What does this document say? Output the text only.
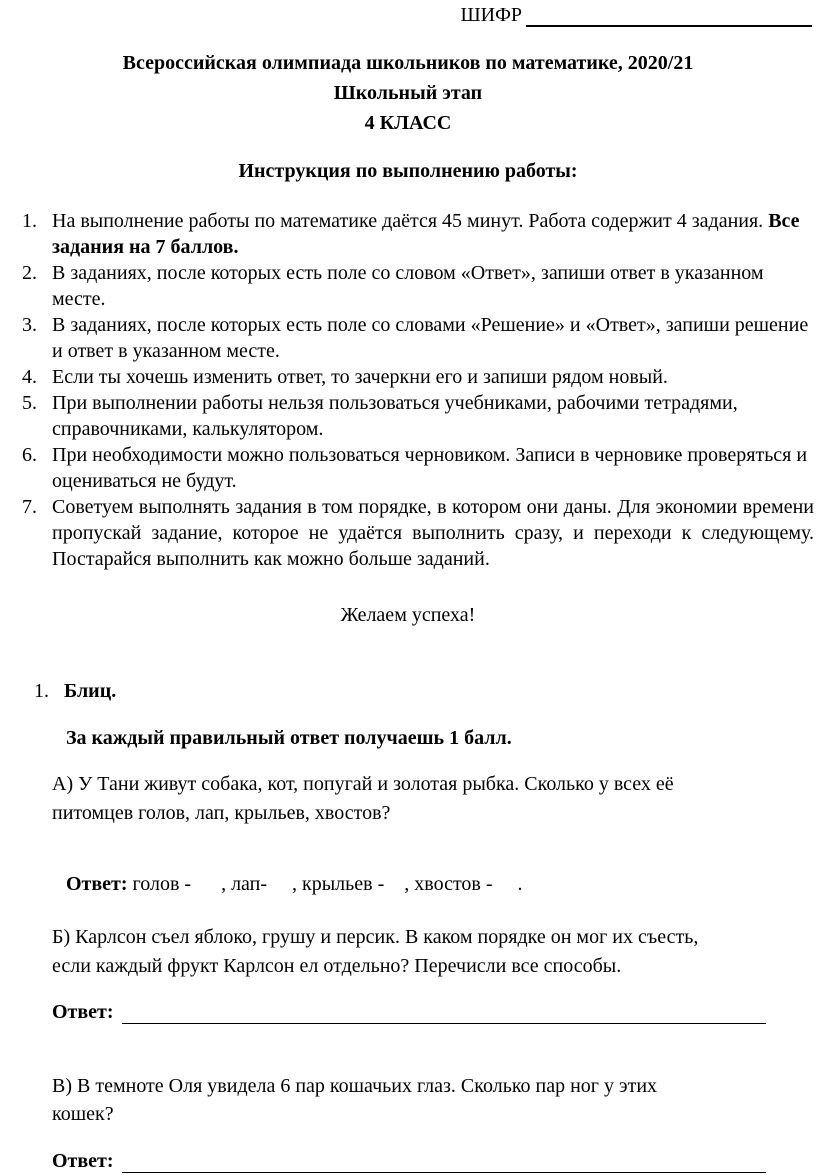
ШИФР
Всероссийская олимпиада школьников по математике, 2020/21
Школьный этап
4 КЛАСС
Инструкция по выполнению работы:
1. На выполнение работы по математике даётся 45 минут. Работа содержит 4 задания. Все задания на 7 баллов.
2. В заданиях, после которых есть поле со словом «Ответ», запиши ответ в указанном месте.
3. В заданиях, после которых есть поле со словами «Решение» и «Ответ», запиши решение и ответ в указанном месте.
4. Если ты хочешь изменить ответ, то зачеркни его и запиши рядом новый.
5. При выполнении работы нельзя пользоваться учебниками, рабочими тетрадями, справочниками, калькулятором.
6. При необходимости можно пользоваться черновиком. Записи в черновике проверяться и оцениваться не будут.
7. Советуем выполнять задания в том порядке, в котором они даны. Для экономии времени пропускай задание, которое не удаётся выполнить сразу, и переходи к следующему. Постарайся выполнить как можно больше заданий.
Желаем успеха!
1. Блиц.
За каждый правильный ответ получаешь 1 балл.
А) У Тани живут собака, кот, попугай и золотая рыбка. Сколько у всех её
питомцев голов, лап, крыльев, хвостов?

Ответ: голов -      , лап-     , крыльев -    , хвостов -     .

Б) Карлсон съел яблоко, грушу и персик. В каком порядке он мог их съесть,
если каждый фрукт Карлсон ел отдельно? Перечисли все способы.
Ответ:
В) В темноте Оля увидела 6 пар кошачьих глаз. Сколько пар ног у этих
кошек?
Ответ:
